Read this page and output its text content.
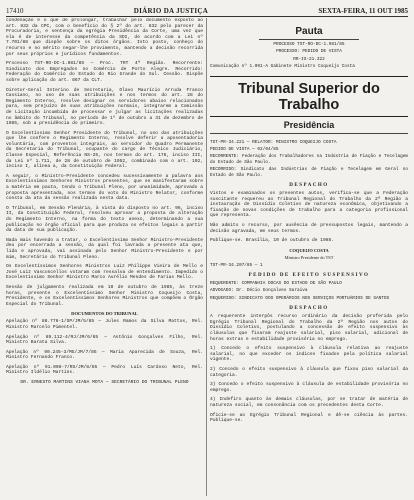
17410	DIÁRIO DA JUSTIÇA	SEXTA-FEIRA, 11 OUT 1985

condenação e o que de prolongar, trabalhar pelo documento exposto ao art. 832 da CPC, com o benefício do § 2º do art. 832 pelo parecer da Procuradoria, e sentença da egrégia Presidência da Corte, uma vez que ela é de interesse da competência da SDI, de acordo com a Lei nº 7.701/88 que dispõe sobre os ditos órgãos. Isto posto, conheço do recurso e no mérito negar-lhe provimento, mantendo a decisão recorrida por seus próprios e jurídicos fundamentos.

Processo TST-RO-DC-1.981/85 — Proc. TRT 4ª Região. Recorrente: Sindicato dos Empregados no Comércio de Porto Alegre. Recorrido: Federação do Comércio do Estado do Rio Grande do Sul. Cessão. Dispõe sobre aplicação do art. 867 da CLT.

Diretor-Geral Interino de Secretaria, Olavo Maurício Arruda Franco Cassiano, no uso de suas atribuições e nos termos do art. 28 do Regimento Interno, resolve designar os servidores abaixo relacionados para, sem prejuízo de suas atribuições normais, integrarem a Comissão de Licitação incumbida de processar e julgar as licitações realizadas no âmbito do Tribunal, no período de 1º de outubro a 31 de dezembro de 1985, sob a presidência do primeiro.

O Excelentíssimo Senhor Presidente do Tribunal, no uso das atribuições que lhe confere o Regimento Interno, resolve deferir a aposentadoria voluntária, com proventos integrais, ao servidor do Quadro Permanente da Secretaria do Tribunal, ocupante do cargo de Técnico Judiciário, Classe Especial, Referência NS-25, nos termos do art. 176, inciso III, da Lei nº 1.711, de 28 de outubro de 1952, combinado com o art. 102, inciso I, alínea a, da Constituição Federal.

A seguir, o Ministro-Presidente concedeu sucessivamente a palavra aos Excelentíssimos Senhores Ministros presentes, que se manifestaram sobre a matéria em pauta, tendo o Tribunal Pleno, por unanimidade, aprovado a proposta apresentada, nos termos do voto do Ministro Relator, conforme consta da ata da sessão realizada nesta data.

O Tribunal, em Sessão Plenária, à vista do disposto no art. 96, inciso II, da Constituição Federal, resolveu aprovar a proposta de alteração do Regimento Interno, na forma do texto anexo, determinando a sua publicação no órgão oficial para que produza os efeitos legais a partir da data de sua publicação.

Nada mais havendo a tratar, o Excelentíssimo Senhor Ministro-Presidente deu por encerrada a sessão, da qual foi lavrada a presente ata que, lida e aprovada, vai assinada pelo Senhor Ministro-Presidente e por mim, Secretário do Tribunal Pleno.

Os Excelentíssimos Senhores Ministros Luiz Philippe Vieira de Mello e José Luiz Vasconcellos votaram com ressalva de entendimento. Impedido o Excelentíssimo Senhor Ministro Marco Aurélio Mendes de Farias Mello.

Sessão de julgamento realizada em 10 de outubro de 1985, às treze horas, presente o Excelentíssimo Senhor Ministro Coqueijo Costa, Presidente, e os Excelentíssimos Senhores Ministros que compõem o Órgão Especial do Tribunal.

DOCUMENTOS DO TRIBUNAL

Apelação nº 88.776-1/SP/JM/5/85 — Jules Ramos da Silva Mattos, Rel. Ministro Marcelo Pimentel.

Apelação nº 89.112-4/RJ/JM/6/85 — Antônio Gonçalves Filho, Rel. Ministro Barata Silva.

Apelação nº 90.245-3/MG/JM/7/85 — Maria Aparecida de Souza, Rel. Ministro Fernando Franco.

Apelação nº 91.008-7/RS/JM/8/85 — Pedro Luís Cardoso Neto, Rel. Ministro Ildélio Martins.

DR. ERNESTO MARTINS VIANA MOTA — SECRETÁRIO DO TRIBUNAL PLENO

Pauta

PROCESSO TST-RO-DC-1.981/85

PROCESSO: PEDIDO DE VISTA

RR-IS-21.322

Comunicação nº 1.091-A Gabinete Ministro Coqueijo Costa

Tribunal Superior do Trabalho
Presidência

TST-PR-34.221 — RELATOR: MINISTRO COQUEIJO COSTA

PEDIDO DE VISTA — 02/04/85

RECORRENTE: Federação dos Trabalhadores na Indústria de Fiação e Tecelagem do Estado de São Paulo.

RECORRIDO: Sindicato das Indústrias de Fiação e Tecelagem em Geral no Estado de São Paulo.

DESPACHO

Vistos e examinados os presentes autos, verifica-se que a Federação suscitante requereu ao Tribunal Regional do Trabalho da 2ª Região a instauração de Dissídio Coletivo de natureza econômica, objetivando a fixação de novas condições de trabalho para a categoria profissional que representa.

Não admito o recurso, por ausência de pressupostos legais, mantendo a decisão agravada, em seus termos.

Publique-se. Brasília, 10 de outubro de 1985.

COQUEIJO COSTA

Ministro Presidente do TST

TST-PR-34.207/85 — 1

PEDIDO DE EFEITO SUSPENSIVO

REQUERENTE: COMPANHIA DOCAS DO ESTADO DE SÃO PAULO

ADVOGADO: Dr. Décio Gonçalves Saraiva

REQUERIDO: SINDICATO DOS OPERÁRIOS NOS SERVIÇOS PORTUÁRIOS DE SANTOS

DESPACHO

A requerente interpôs recurso ordinário da decisão proferida pelo Egrégio Tribunal Regional do Trabalho da 2ª Região nos autos do Dissídio Coletivo, postulando a concessão de efeito suspensivo às cláusulas que fixaram reajuste salarial, piso salarial, adicional de horas extras e estabilidade provisória no emprego.

1) Concedo o efeito suspensivo à cláusula relativa ao reajuste salarial, no que exceder os índices fixados pela política salarial vigente.

2) Concedo o efeito suspensivo à cláusula que fixou piso salarial da categoria.

3) Concedo o efeito suspensivo à cláusula de estabilidade provisória no emprego.

4) Indefiro quanto às demais cláusulas, por se tratar de matéria de natureza social, em consonância com os precedentes desta Corte.

Oficie-se ao Egrégio Tribunal Regional e dê-se ciência às partes. Publique-se.
